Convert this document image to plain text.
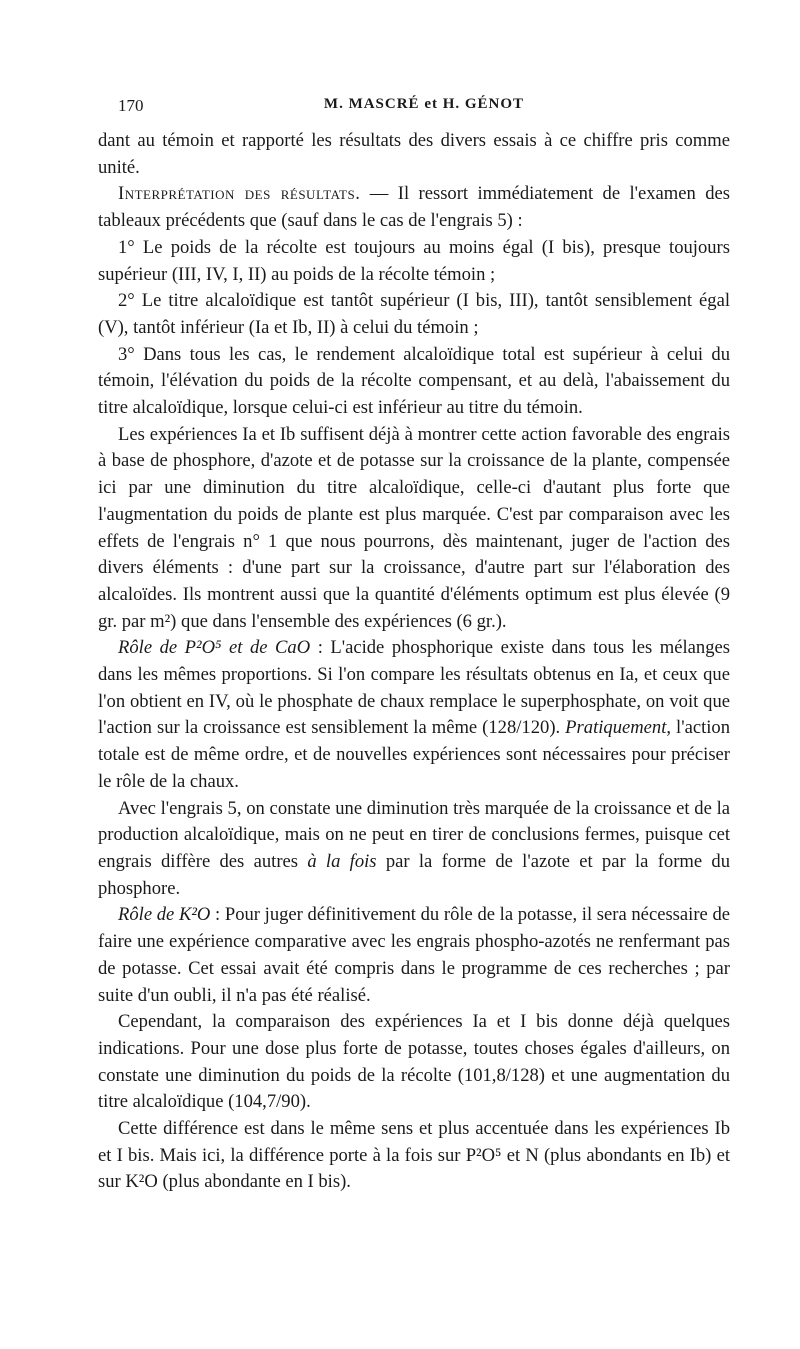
170	M. MASCRÉ et H. GÉNOT

dant au témoin et rapporté les résultats des divers essais à ce chiffre pris comme unité.

Interprétation des résultats. — Il ressort immédiatement de l'examen des tableaux précédents que (sauf dans le cas de l'engrais 5) :

1° Le poids de la récolte est toujours au moins égal (I bis), presque toujours supérieur (III, IV, I, II) au poids de la récolte témoin ;

2° Le titre alcaloïdique est tantôt supérieur (I bis, III), tantôt sensiblement égal (V), tantôt inférieur (Ia et Ib, II) à celui du témoin ;

3° Dans tous les cas, le rendement alcaloïdique total est supérieur à celui du témoin, l'élévation du poids de la récolte compensant, et au delà, l'abaissement du titre alcaloïdique, lorsque celui-ci est inférieur au titre du témoin.

Les expériences Ia et Ib suffisent déjà à montrer cette action favorable des engrais à base de phosphore, d'azote et de potasse sur la croissance de la plante, compensée ici par une diminution du titre alcaloïdique, celle-ci d'autant plus forte que l'augmentation du poids de plante est plus marquée. C'est par comparaison avec les effets de l'engrais n° 1 que nous pourrons, dès maintenant, juger de l'action des divers éléments : d'une part sur la croissance, d'autre part sur l'élaboration des alcaloïdes. Ils montrent aussi que la quantité d'éléments optimum est plus élevée (9 gr. par m²) que dans l'ensemble des expériences (6 gr.).

Rôle de P²O⁵ et de CaO : L'acide phosphorique existe dans tous les mélanges dans les mêmes proportions. Si l'on compare les résultats obtenus en Ia, et ceux que l'on obtient en IV, où le phosphate de chaux remplace le superphosphate, on voit que l'action sur la croissance est sensiblement la même (128/120). Pratiquement, l'action totale est de même ordre, et de nouvelles expériences sont nécessaires pour préciser le rôle de la chaux.

Avec l'engrais 5, on constate une diminution très marquée de la croissance et de la production alcaloïdique, mais on ne peut en tirer de conclusions fermes, puisque cet engrais diffère des autres à la fois par la forme de l'azote et par la forme du phosphore.

Rôle de K²O : Pour juger définitivement du rôle de la potasse, il sera nécessaire de faire une expérience comparative avec les engrais phospho-azotés ne renfermant pas de potasse. Cet essai avait été compris dans le programme de ces recherches ; par suite d'un oubli, il n'a pas été réalisé.

Cependant, la comparaison des expériences Ia et I bis donne déjà quelques indications. Pour une dose plus forte de potasse, toutes choses égales d'ailleurs, on constate une diminution du poids de la récolte (101,8/128) et une augmentation du titre alcaloïdique (104,7/90).

Cette différence est dans le même sens et plus accentuée dans les expériences Ib et I bis. Mais ici, la différence porte à la fois sur P²O⁵ et N (plus abondants en Ib) et sur K²O (plus abondante en I bis).
